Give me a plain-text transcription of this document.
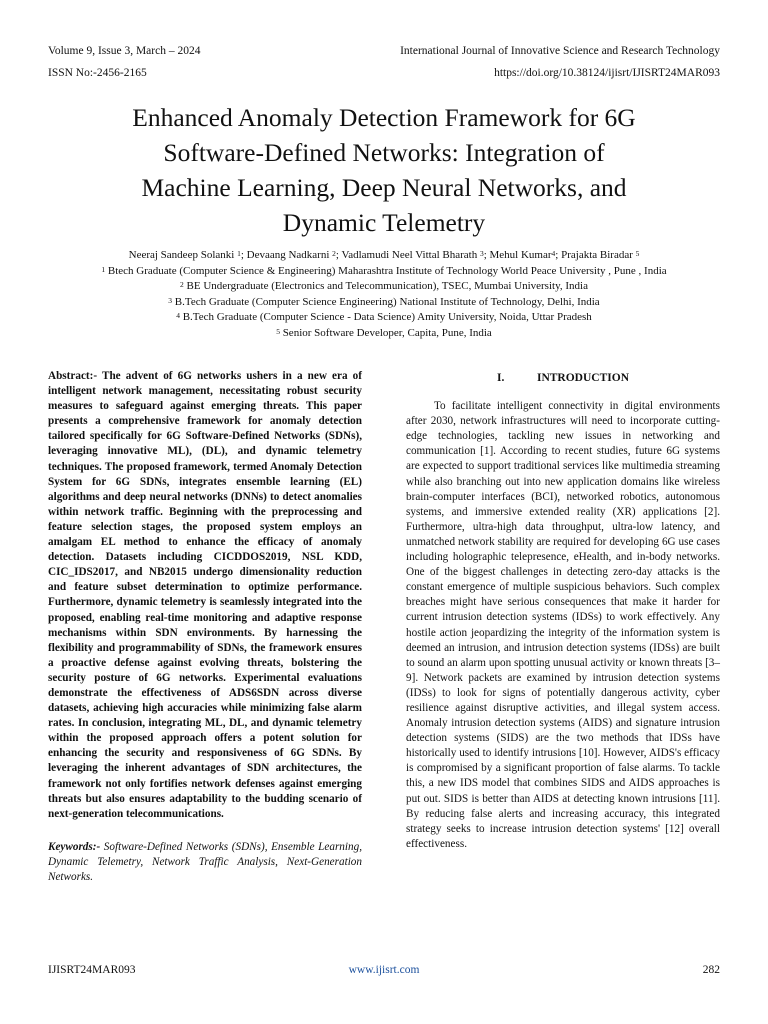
Volume 9, Issue 3, March – 2024	International Journal of Innovative Science and Research Technology
ISSN No:-2456-2165	https://doi.org/10.38124/ijisrt/IJISRT24MAR093
Enhanced Anomaly Detection Framework for 6G
Software-Defined Networks: Integration of
Machine Learning, Deep Neural Networks, and
Dynamic Telemetry
Neeraj Sandeep Solanki $^1$; Devaang Nadkarni $^2$; Vadlamudi Neel Vittal Bharath $^3$; Mehul Kumar$^4$; Prajakta Biradar $^5$
$^1$ Btech Graduate (Computer Science & Engineering) Maharashtra Institute of Technology World Peace University , Pune , India
$^2$ BE Undergraduate (Electronics and Telecommunication), TSEC, Mumbai University, India
$^3$ B.Tech Graduate (Computer Science Engineering) National Institute of Technology, Delhi, India
$^4$ B.Tech Graduate (Computer Science - Data Science) Amity University, Noida, Uttar Pradesh
$^5$ Senior Software Developer, Capita, Pune, India

Abstract:- The advent of 6G networks ushers in a new era of intelligent network management, necessitating robust security measures to safeguard against emerging threats. This paper presents a comprehensive framework for anomaly detection tailored specifically for 6G Software-Defined Networks (SDNs), leveraging innovative ML), (DL), and dynamic telemetry techniques. The proposed framework, termed Anomaly Detection System for 6G SDNs, integrates ensemble learning (EL) algorithms and deep neural networks (DNNs) to detect anomalies within network traffic. Beginning with the preprocessing and feature selection stages, the proposed system employs an amalgam EL method to enhance the efficacy of anomaly detection. Datasets including CICDDOS2019, NSL KDD, CIC_IDS2017, and NB2015 undergo dimensionality reduction and feature subset determination to optimize performance. Furthermore, dynamic telemetry is seamlessly integrated into the proposed, enabling real-time monitoring and adaptive response mechanisms within SDN environments. By harnessing the flexibility and programmability of SDNs, the framework ensures a proactive defense against evolving threats, bolstering the security posture of 6G networks. Experimental evaluations demonstrate the effectiveness of ADS6SDN across diverse datasets, achieving high accuracies while minimizing false alarm rates. In conclusion, integrating ML, DL, and dynamic telemetry within the proposed approach offers a potent solution for enhancing the security and responsiveness of 6G SDNs. By leveraging the inherent advantages of SDN architectures, the framework not only fortifies network defenses against emerging threats but also ensures adaptability to the budding scenario of next-generation telecommunications.

Keywords:- Software-Defined Networks (SDNs), Ensemble Learning, Dynamic Telemetry, Network Traffic Analysis, Next-Generation Networks.

I.	INTRODUCTION

To facilitate intelligent connectivity in digital environments after 2030, network infrastructures will need to incorporate cutting-edge technologies, tackling new issues in networking and communication [1]. According to recent studies, future 6G systems are expected to support traditional services like multimedia streaming while also branching out into new application domains like wireless brain-computer interfaces (BCI), networked robotics, autonomous systems, and immersive extended reality (XR) applications [2]. Furthermore, ultra-high data throughput, ultra-low latency, and unmatched network stability are required for developing 6G use cases including holographic telepresence, eHealth, and in-body networks. One of the biggest challenges in detecting zero-day attacks is the constant emergence of multiple suspicious behaviors. Such complex breaches might have serious consequences that make it harder for current intrusion detection systems (IDSs) to work effectively. Any hostile action jeopardizing the integrity of the information system is deemed an intrusion, and intrusion detection systems (IDSs) are built to sound an alarm upon spotting unusual activity or known threats [3–9]. Network packets are examined by intrusion detection systems (IDSs) to look for signs of potentially dangerous activity, cyber resilience against disruptive activities, and illegal system access. Anomaly intrusion detection systems (AIDS) and signature intrusion detection systems (SIDS) are the two methods that IDSs have historically used to identify intrusions [10]. However, AIDS's efficacy is compromised by a significant proportion of false alarms. To tackle this, a new IDS model that combines SIDS and AIDS approaches is put out. SIDS is better than AIDS at detecting known intrusions [11]. By reducing false alerts and increasing accuracy, this integrated strategy seeks to increase intrusion detection systems' [12] overall effectiveness.

IJISRT24MAR093	www.ijisrt.com	282
